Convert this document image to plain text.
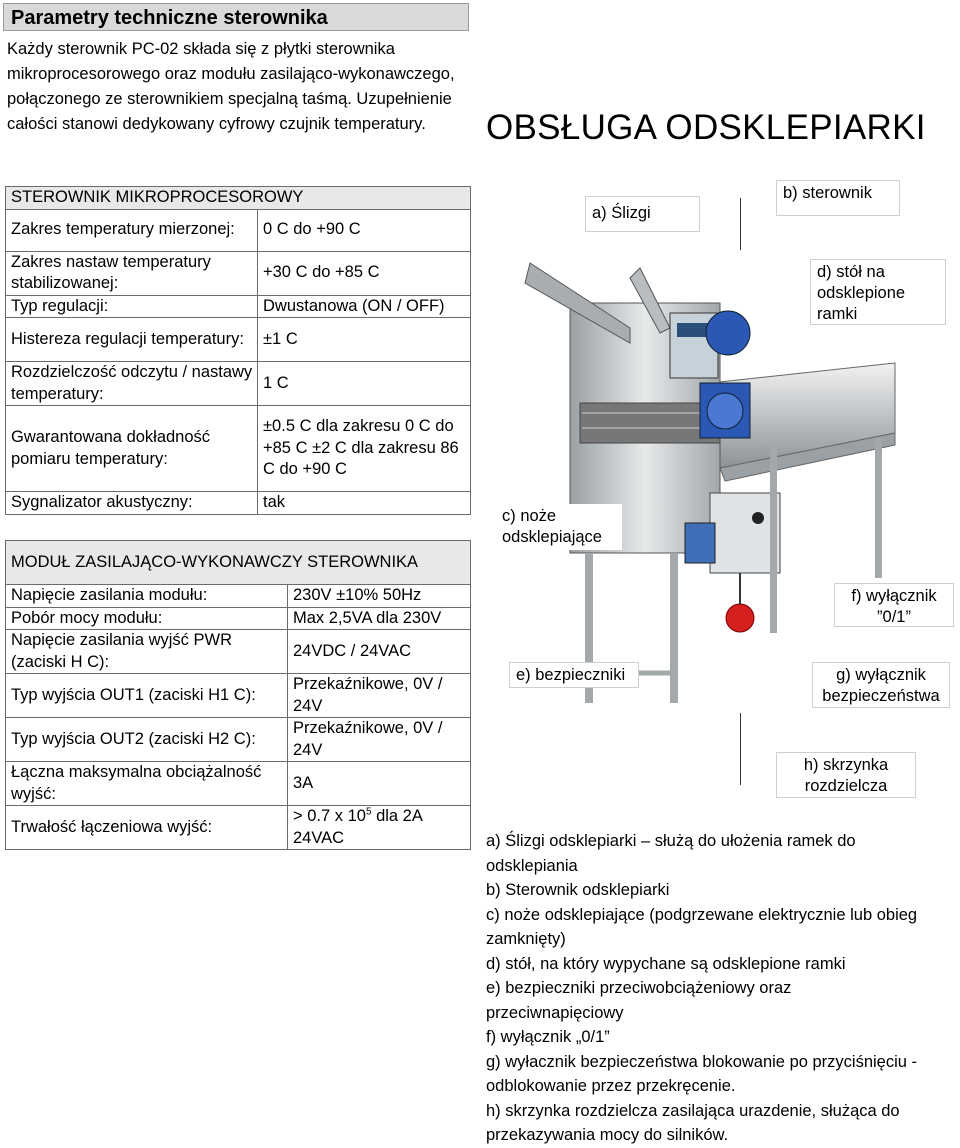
Parametry techniczne sterownika
Każdy sterownik PC-02 składa się z płytki sterownika mikroprocesorowego oraz modułu zasilająco-wykonawczego, połączonego ze sterownikiem specjalną taśmą. Uzupełnienie całości stanowi dedykowany cyfrowy czujnik temperatury.	OBSŁUGA ODSKLEPIARKI
STEROWNIK MIKROPROCESOROWY	
Zakres temperatury mierzonej:	0 C do +90 C
Zakres nastaw temperatury stabilizowanej:	+30 C do +85 C
Typ regulacji:	Dwustanowa (ON / OFF)
Histereza regulacji temperatury:	±1 C
Rozdzielczość odczytu / nastawy temperatury:	1 C
Gwarantowana dokładność pomiaru temperatury:	±0.5 C dla zakresu 0 C do +85 C ±2 C dla zakresu 86 C do +90 C
Sygnalizator akustyczny:	tak
MODUŁ ZASILAJĄCO-WYKONAWCZY STEROWNIKA	
Napięcie zasilania modułu:	230V ±10% 50Hz
Pobór mocy modułu:	Max 2,5VA dla 230V
Napięcie zasilania wyjść PWR (zaciski H C):	24VDC / 24VAC
Typ wyjścia OUT1 (zaciski H1 C):	Przekaźnikowe, 0V / 24V
Typ wyjścia OUT2 (zaciski H2 C):	Przekaźnikowe, 0V / 24V
Łączna maksymalna obciążalność wyjść:	3A
Trwałość łączeniowa wyjść:	> 0.7 x $10^5$ dla 2A 24VAC
a) Ślizgi
b) sterownik
d) stół na odsklepione ramki
c) noże odsklepiające
f) wyłącznik ”0/1”
e) bezpieczniki	g) wyłącznik bezpieczeństwa
h) skrzynka rozdzielcza
a) Ślizgi odsklepiarki – służą do ułożenia ramek do odsklepiania
b) Sterownik odsklepiarki
c) noże odsklepiające (podgrzewane elektrycznie lub obieg zamknięty)
d) stół, na który wypychane są odsklepione ramki
e) bezpieczniki przeciwobciążeniowy oraz przeciwnapięciowy
f) wyłącznik „0/1”
g) wyłacznik bezpieczeństwa blokowanie po przyciśnięciu - odblokowanie przez przekręcenie.
h) skrzynka rozdzielcza zasilająca urazdenie, służąca do przekazywania mocy do silników.
